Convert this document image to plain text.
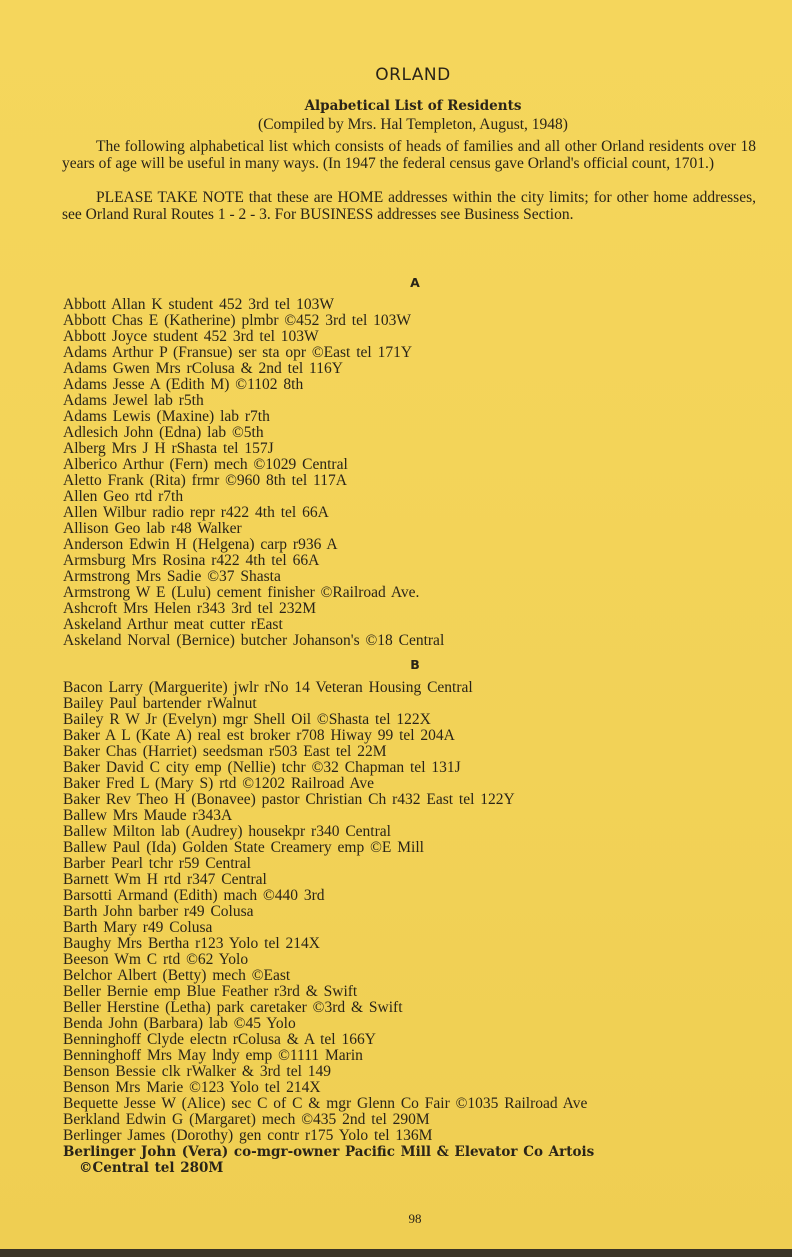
ORLAND
Alpabetical List of Residents
(Compiled by Mrs. Hal Templeton, August, 1948)

The following alphabetical list which consists of heads of families and all other Orland residents over 18 years of age will be useful in many ways. (In 1947 the federal census gave Orland's official count, 1701.)

PLEASE TAKE NOTE that these are HOME addresses within the city limits; for other home addresses, see Orland Rural Routes 1 - 2 - 3. For BUSINESS addresses see Business Section.

A
Abbott Allan K student 452 3rd tel 103W
Abbott Chas E (Katherine) plmbr ©452 3rd tel 103W
Abbott Joyce student 452 3rd tel 103W
Adams Arthur P (Fransue) ser sta opr ©East tel 171Y
Adams Gwen Mrs rColusa & 2nd tel 116Y
Adams Jesse A (Edith M) ©1102 8th
Adams Jewel lab r5th
Adams Lewis (Maxine) lab r7th
Adlesich John (Edna) lab ©5th
Alberg Mrs J H rShasta tel 157J
Alberico Arthur (Fern) mech ©1029 Central
Aletto Frank (Rita) frmr ©960 8th tel 117A
Allen Geo rtd r7th
Allen Wilbur radio repr r422 4th tel 66A
Allison Geo lab r48 Walker
Anderson Edwin H (Helgena) carp r936 A
Armsburg Mrs Rosina r422 4th tel 66A
Armstrong Mrs Sadie ©37 Shasta
Armstrong W E (Lulu) cement finisher ©Railroad Ave.
Ashcroft Mrs Helen r343 3rd tel 232M
Askeland Arthur meat cutter rEast
Askeland Norval (Bernice) butcher Johanson's ©18 Central
B
Bacon Larry (Marguerite) jwlr rNo 14 Veteran Housing Central
Bailey Paul bartender rWalnut
Bailey R W Jr (Evelyn) mgr Shell Oil ©Shasta tel 122X
Baker A L (Kate A) real est broker r708 Hiway 99 tel 204A
Baker Chas (Harriet) seedsman r503 East tel 22M
Baker David C city emp (Nellie) tchr ©32 Chapman tel 131J
Baker Fred L (Mary S) rtd ©1202 Railroad Ave
Baker Rev Theo H (Bonavee) pastor Christian Ch r432 East tel 122Y
Ballew Mrs Maude r343A
Ballew Milton lab (Audrey) housekpr r340 Central
Ballew Paul (Ida) Golden State Creamery emp ©E Mill
Barber Pearl tchr r59 Central
Barnett Wm H rtd r347 Central
Barsotti Armand (Edith) mach ©440 3rd
Barth John barber r49 Colusa
Barth Mary r49 Colusa
Baughy Mrs Bertha r123 Yolo tel 214X
Beeson Wm C rtd ©62 Yolo
Belchor Albert (Betty) mech ©East
Beller Bernie emp Blue Feather r3rd & Swift
Beller Herstine (Letha) park caretaker ©3rd & Swift
Benda John (Barbara) lab ©45 Yolo
Benninghoff Clyde electn rColusa & A tel 166Y
Benninghoff Mrs May lndy emp ©1111 Marin
Benson Bessie clk rWalker & 3rd tel 149
Benson Mrs Marie ©123 Yolo tel 214X
Bequette Jesse W (Alice) sec C of C & mgr Glenn Co Fair ©1035 Railroad Ave
Berkland Edwin G (Margaret) mech ©435 2nd tel 290M
Berlinger James (Dorothy) gen contr r175 Yolo tel 136M
Berlinger John (Vera) co-mgr-owner Pacific Mill & Elevator Co Artois
©Central tel 280M
98
